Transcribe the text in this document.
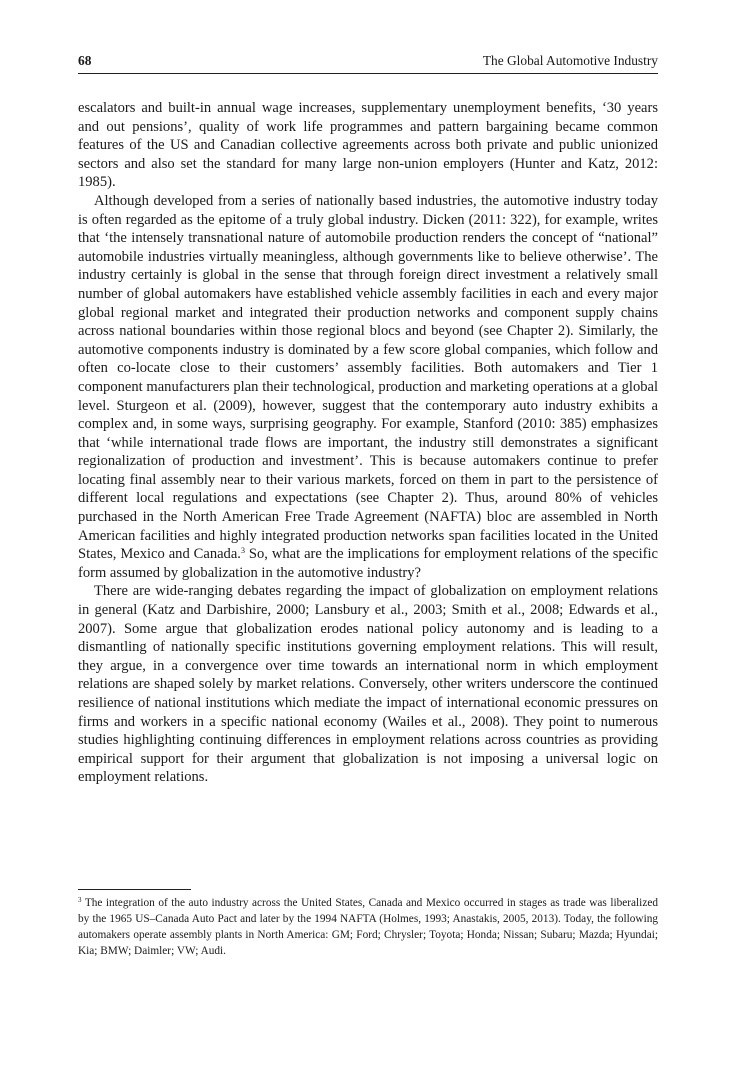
68	The Global Automotive Industry

escalators and built-in annual wage increases, supplementary unemployment benefits, ‘30 years and out pensions’, quality of work life programmes and pattern bargaining became common features of the US and Canadian collective agreements across both private and public unionized sectors and also set the standard for many large non-union employers (Hunter and Katz, 2012: 1985).

Although developed from a series of nationally based industries, the automotive industry today is often regarded as the epitome of a truly global industry. Dicken (2011: 322), for example, writes that ‘the intensely transnational nature of automobile production renders the concept of “national” automobile industries virtually meaningless, although governments like to believe otherwise’. The industry certainly is global in the sense that through foreign direct investment a relatively small number of global automakers have established vehicle assembly facilities in each and every major global regional market and integrated their production networks and component supply chains across national boundaries within those regional blocs and beyond (see Chapter 2). Similarly, the automotive components industry is dominated by a few score global companies, which follow and often co-locate close to their customers’ assembly facilities. Both automakers and Tier 1 component manufacturers plan their technological, production and marketing operations at a global level. Sturgeon et al. (2009), however, suggest that the contemporary auto industry exhibits a complex and, in some ways, surprising geography. For example, Stanford (2010: 385) emphasizes that ‘while international trade flows are important, the industry still demonstrates a significant regionalization of production and investment’. This is because automakers continue to prefer locating final assembly near to their various markets, forced on them in part to the persistence of different local regulations and expectations (see Chapter 2). Thus, around 80% of vehicles purchased in the North American Free Trade Agreement (NAFTA) bloc are assembled in North American facilities and highly integrated production networks span facilities located in the United States, Mexico and Canada.$^3$ So, what are the implications for employment relations of the specific form assumed by globalization in the automotive industry?

There are wide-ranging debates regarding the impact of globalization on employment relations in general (Katz and Darbishire, 2000; Lansbury et al., 2003; Smith et al., 2008; Edwards et al., 2007). Some argue that globalization erodes national policy autonomy and is leading to a dismantling of nationally specific institutions governing employment relations. This will result, they argue, in a convergence over time towards an international norm in which employment relations are shaped solely by market relations. Conversely, other writers underscore the continued resilience of national institutions which mediate the impact of international economic pressures on firms and workers in a specific national economy (Wailes et al., 2008). They point to numerous studies highlighting continuing differences in employment relations across countries as providing empirical support for their argument that globalization is not imposing a universal logic on employment relations.

$^3$ The integration of the auto industry across the United States, Canada and Mexico occurred in stages as trade was liberalized by the 1965 US–Canada Auto Pact and later by the 1994 NAFTA (Holmes, 1993; Anastakis, 2005, 2013). Today, the following automakers operate assembly plants in North America: GM; Ford; Chrysler; Toyota; Honda; Nissan; Subaru; Mazda; Hyundai; Kia; BMW; Daimler; VW; Audi.
